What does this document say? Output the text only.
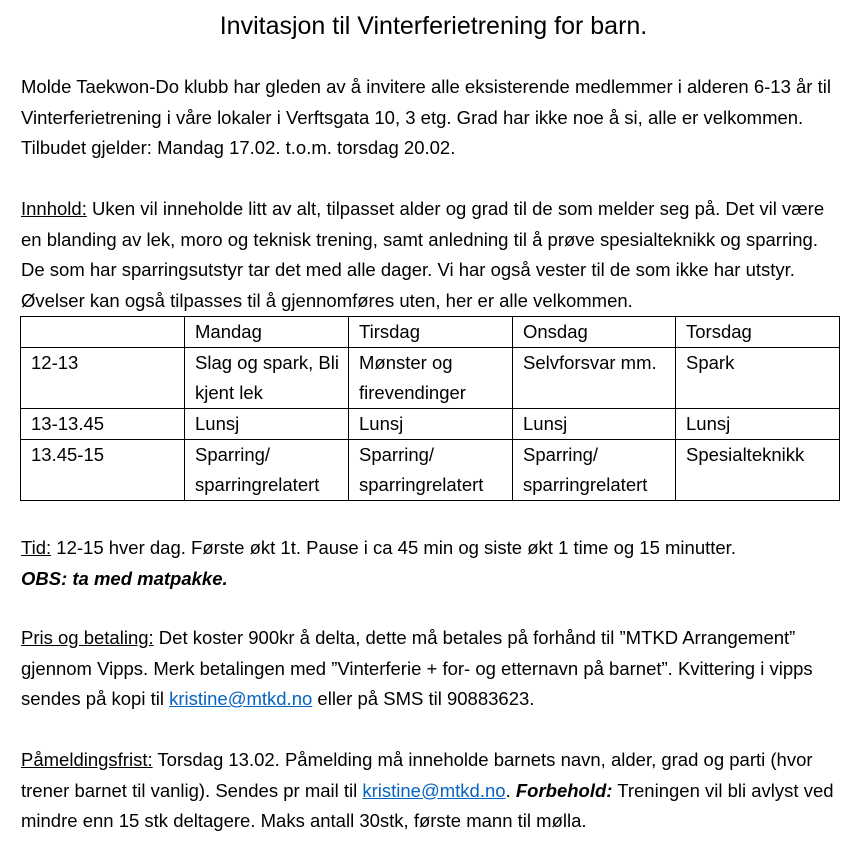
Invitasjon til Vinterferietrening for barn.

Molde Taekwon-Do klubb har gleden av å invitere alle eksisterende medlemmer i alderen 6-13 år til Vinterferietrening i våre lokaler i Verftsgata 10, 3 etg. Grad har ikke noe å si, alle er velkommen. Tilbudet gjelder: Mandag 17.02. t.o.m. torsdag 20.02.

Innhold: Uken vil inneholde litt av alt, tilpasset alder og grad til de som melder seg på. Det vil være en blanding av lek, moro og teknisk trening, samt anledning til å prøve spesialteknikk og sparring. De som har sparringsutstyr tar det med alle dager. Vi har også vester til de som ikke har utstyr. Øvelser kan også tilpasses til å gjennomføres uten, her er alle velkommen.

	Mandag	Tirsdag	Onsdag	Torsdag
12-13	Slag og spark, Bli kjent lek	Mønster og firevendinger	Selvforsvar mm.	Spark
13-13.45	Lunsj	Lunsj	Lunsj	Lunsj
13.45-15	Sparring/ sparringrelatert	Sparring/ sparringrelatert	Sparring/ sparringrelatert	Spesialteknikk

Tid: 12-15 hver dag. Første økt 1t. Pause i ca 45 min og siste økt 1 time og 15 minutter.
OBS: ta med matpakke.

Pris og betaling: Det koster 900kr å delta, dette må betales på forhånd til ”MTKD Arrangement” gjennom Vipps. Merk betalingen med ”Vinterferie + for- og etternavn på barnet”. Kvittering i vipps sendes på kopi til kristine@mtkd.no eller på SMS til 90883623.

Påmeldingsfrist: Torsdag 13.02. Påmelding må inneholde barnets navn, alder, grad og parti (hvor trener barnet til vanlig). Sendes pr mail til kristine@mtkd.no. Forbehold: Treningen vil bli avlyst ved mindre enn 15 stk deltagere. Maks antall 30stk, første mann til mølla.
